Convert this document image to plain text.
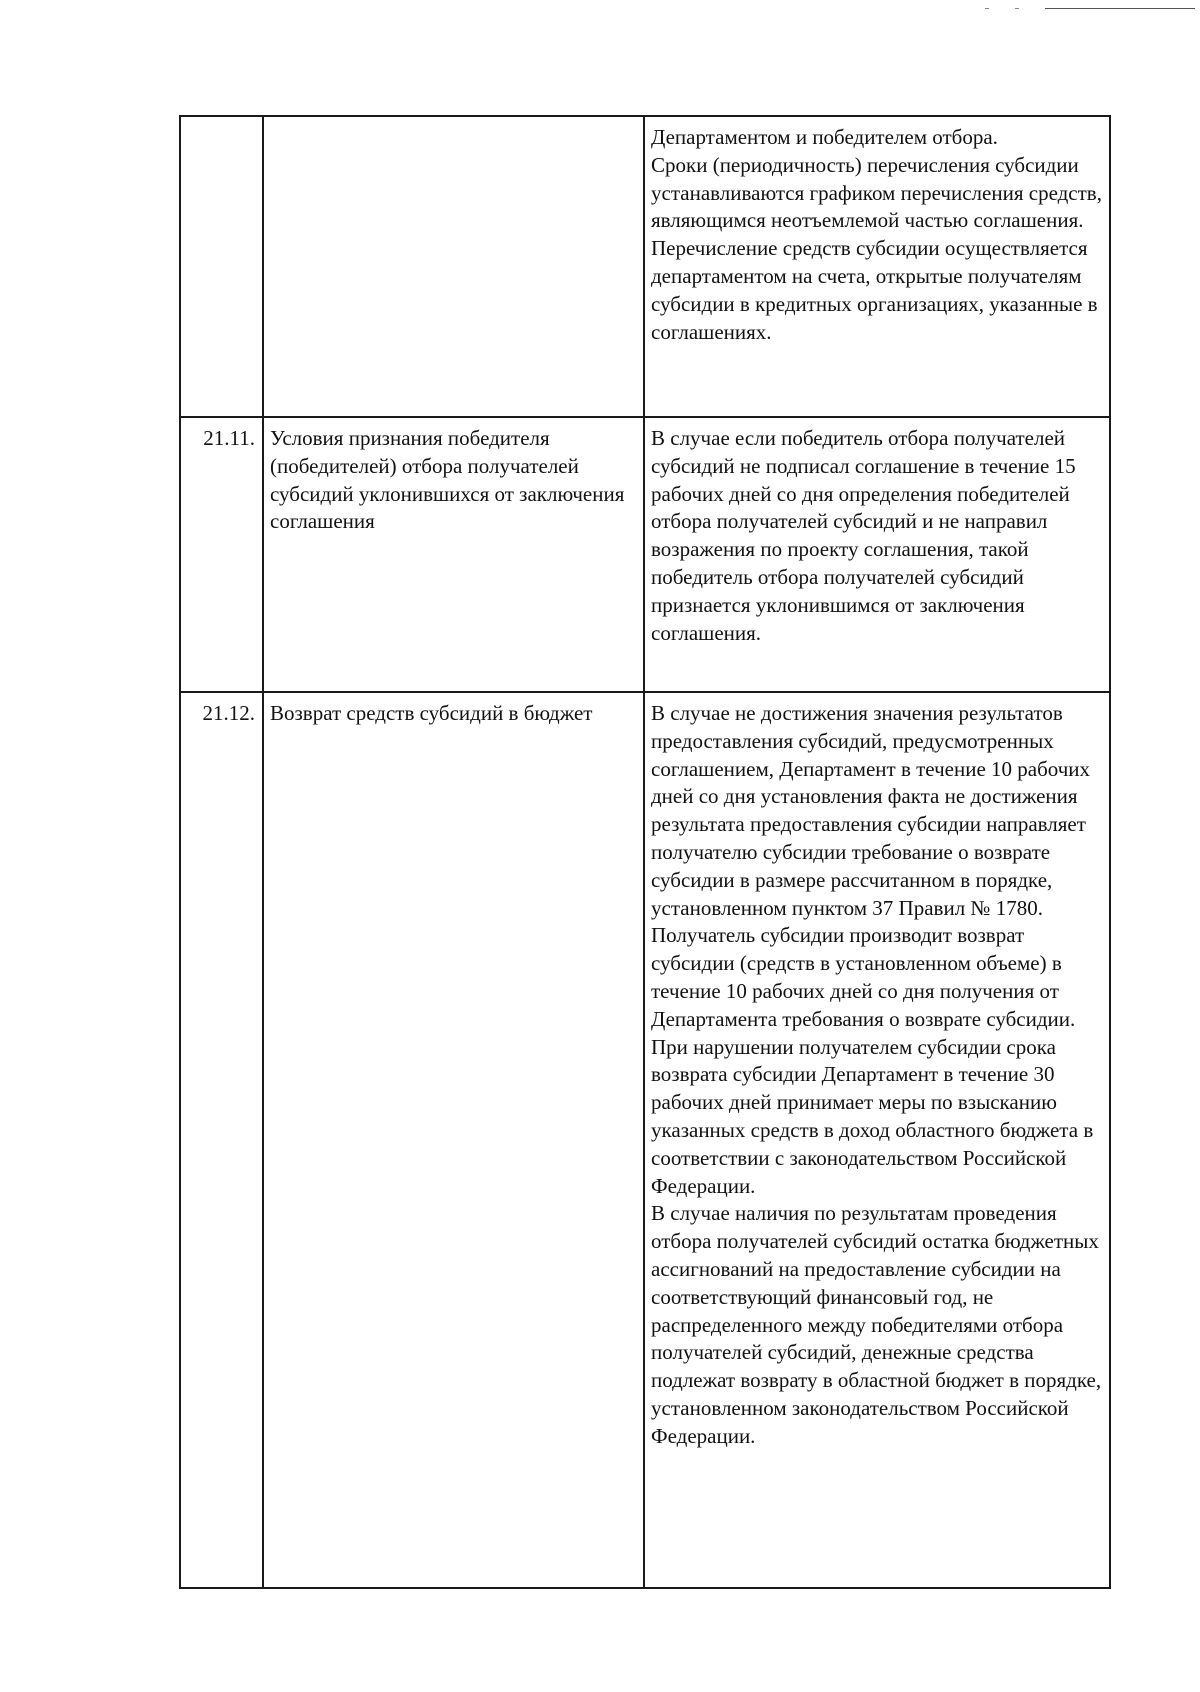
		Департаментом и победителем отбора.

Сроки (периодичность) перечисления субсидии устанавливаются графиком перечисления средств, являющимся неотъемлемой частью соглашения.

Перечисление средств субсидии осуществляется департаментом на счета, открытые получателям субсидии в кредитных организациях, указанные в соглашениях.

21.11.	Условия признания победителя (победителей) отбора получателей субсидий уклонившихся от заключения соглашения	В случае если победитель отбора получателей субсидий не подписал соглашение в течение 15 рабочих дней со дня определения победителей отбора получателей субсидий и не направил возражения по проекту соглашения, такой победитель отбора получателей субсидий признается уклонившимся от заключения соглашения.

21.12.	Возврат средств субсидий в бюджет	В случае не достижения значения результатов предоставления субсидий, предусмотренных соглашением, Департамент в течение 10 рабочих дней со дня установления факта не достижения результата предоставления субсидии направляет получателю субсидии требование о возврате субсидии в размере рассчитанном в порядке, установленном пунктом 37 Правил № 1780.

Получатель субсидии производит возврат субсидии (средств в установленном объеме) в течение 10 рабочих дней со дня получения от Департамента требования о возврате субсидии.

При нарушении получателем субсидии срока возврата субсидии Департамент в течение 30 рабочих дней принимает меры по взысканию указанных средств в доход областного бюджета в соответствии с законодательством Российской Федерации.

В случае наличия по результатам проведения отбора получателей субсидий остатка бюджетных ассигнований на предоставление субсидии на соответствующий финансовый год, не распределенного между победителями отбора получателей субсидий, денежные средства подлежат возврату в областной бюджет в порядке, установленном законодательством Российской Федерации.
